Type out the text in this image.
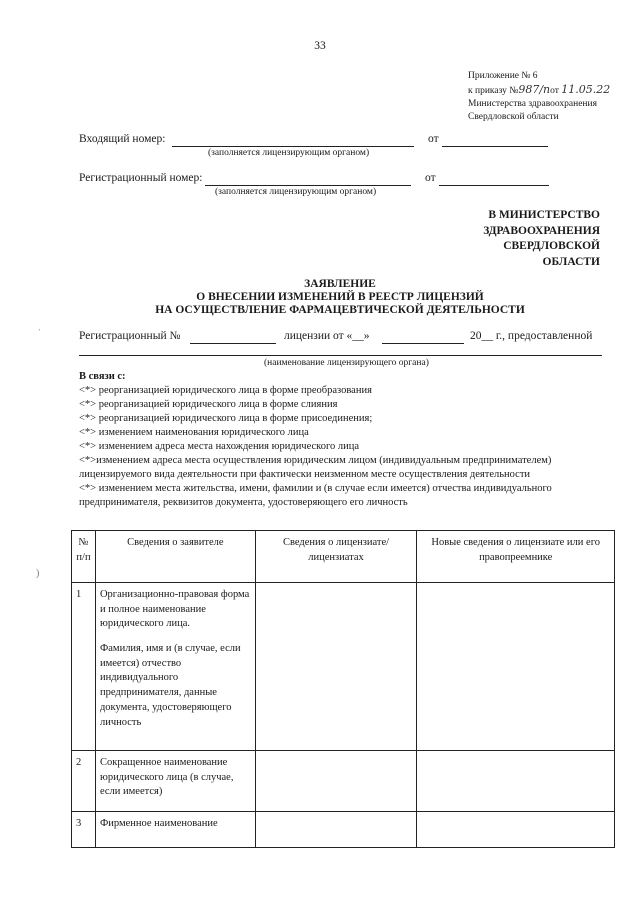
33
Приложение № 6
к приказу №987/пот 11.05.22
Министерства здравоохранения
Свердловской области
Входящий номер:	от
(заполняется лицензирующим органом)
Регистрационный номер:	от
(заполняется лицензирующим органом)
В МИНИСТЕРСТВО
ЗДРАВООХРАНЕНИЯ
СВЕРДЛОВСКОЙ
ОБЛАСТИ
ЗАЯВЛЕНИЕ
О ВНЕСЕНИИ ИЗМЕНЕНИЙ В РЕЕСТР ЛИЦЕНЗИЙ
НА ОСУЩЕСТВЛЕНИЕ ФАРМАЦЕВТИЧЕСКОЙ ДЕЯТЕЛЬНОСТИ
Регистрационный №	лицензии от «__»	20__ г., предоставленной
(наименование лицензирующего органа)
В связи с:
<*> реорганизацией юридического лица в форме преобразования
<*> реорганизацией юридического лица в форме слияния
<*> реорганизацией юридического лица в форме присоединения;
<*> изменением наименования юридического лица
<*> изменением адреса места нахождения юридического лица
<*>изменением адреса места осуществления юридическим лицом (индивидуальным предпринимателем)
лицензируемого вида деятельности при фактически неизменном месте осуществления деятельности
<*> изменением места жительства, имени, фамилии и (в случае если имеется) отчества индивидуального
предпринимателя, реквизитов документа, удостоверяющего его личность
ˈ
)
№ п/п	Сведения о заявителе	Сведения о лицензиате/лицензиатах	Новые сведения о лицензиате или его правопреемнике
1	Организационно-правовая форма и полное наименование юридического лица.
Фамилия, имя и (в случае, если имеется) отчество индивидуального предпринимателя, данные документа, удостоверяющего личность		

2	Сокращенное наименование юридического лица (в случае, если имеется)		
3	Фирменное наименование		
